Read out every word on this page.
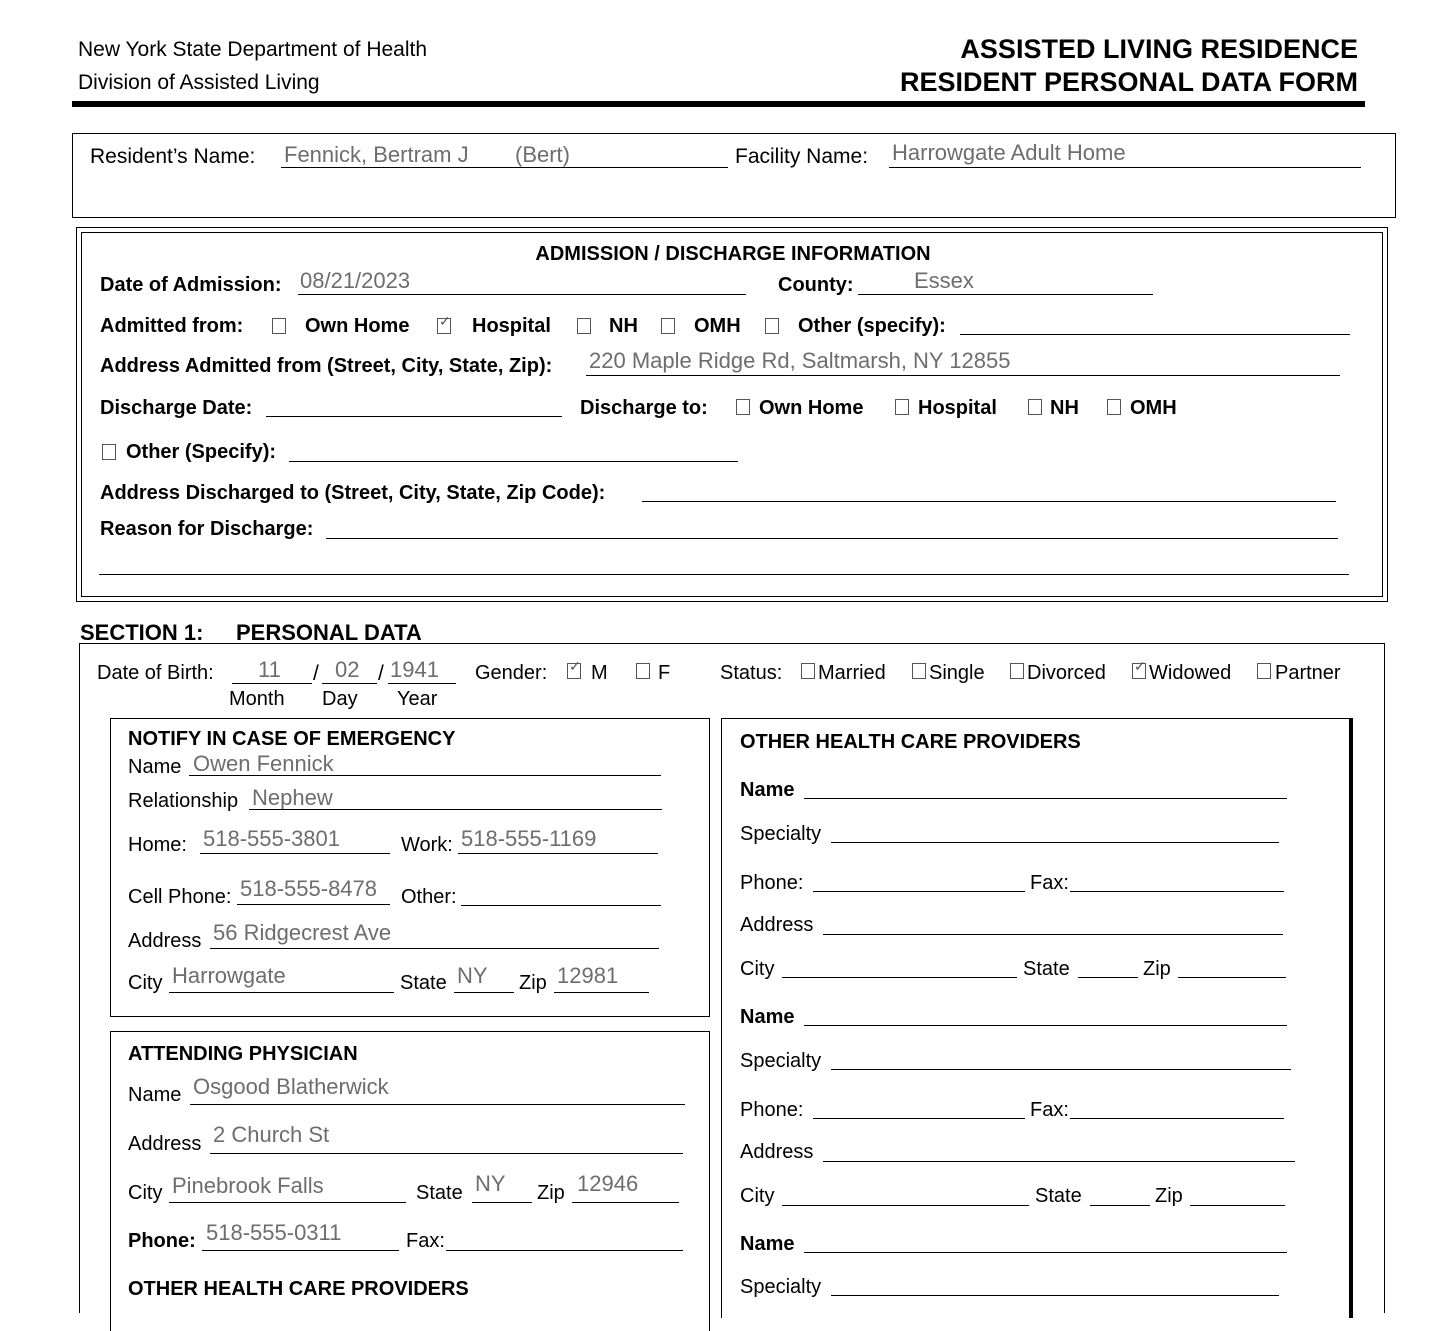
New York State Department of Health
Division of Assisted Living
ASSISTED LIVING RESIDENCE
RESIDENT PERSONAL DATA FORM
Resident’s Name: Fennick, Bertram J (Bert)	Facility Name: Harrowgate Adult Home
ADMISSION / DISCHARGE INFORMATION
Date of Admission: 08/21/2023	County:	Essex
Admitted from:	Own Home ✓ Hospital	NH	OMH	Other (specify):
Address Admitted from (Street, City, State, Zip): 220 Maple Ridge Rd, Saltmarsh, NY 12855
Discharge Date:	Discharge to:	Own Home	Hospital	NH	OMH
Other (Specify):
Address Discharged to (Street, City, State, Zip Code):
Reason for Discharge:
SECTION 1: PERSONAL DATA
Date of Birth: 11 / 02 / 1941
Month Day Year
Gender: ✓ M	F Status: Married Single Divorced ✓ Widowed Partner
NOTIFY IN CASE OF EMERGENCY
Name Owen Fennick
Relationship Nephew
Home: 518-555-3801	Work: 518-555-1169
Cell Phone: 518-555-8478 Other:
Address 56 Ridgecrest Ave
City Harrowgate	State NY Zip 12981
ATTENDING PHYSICIAN
Name Osgood Blatherwick
Address 2 Church St
City Pinebrook Falls	State NY Zip 12946
Phone: 518-555-0311	Fax:
OTHER HEALTH CARE PROVIDERS
OTHER HEALTH CARE PROVIDERS
Name
Specialty
Phone:	Fax:
Address
City	State	Zip
Name
Specialty
Phone:	Fax:
Address
City	State	Zip
Name
Specialty
